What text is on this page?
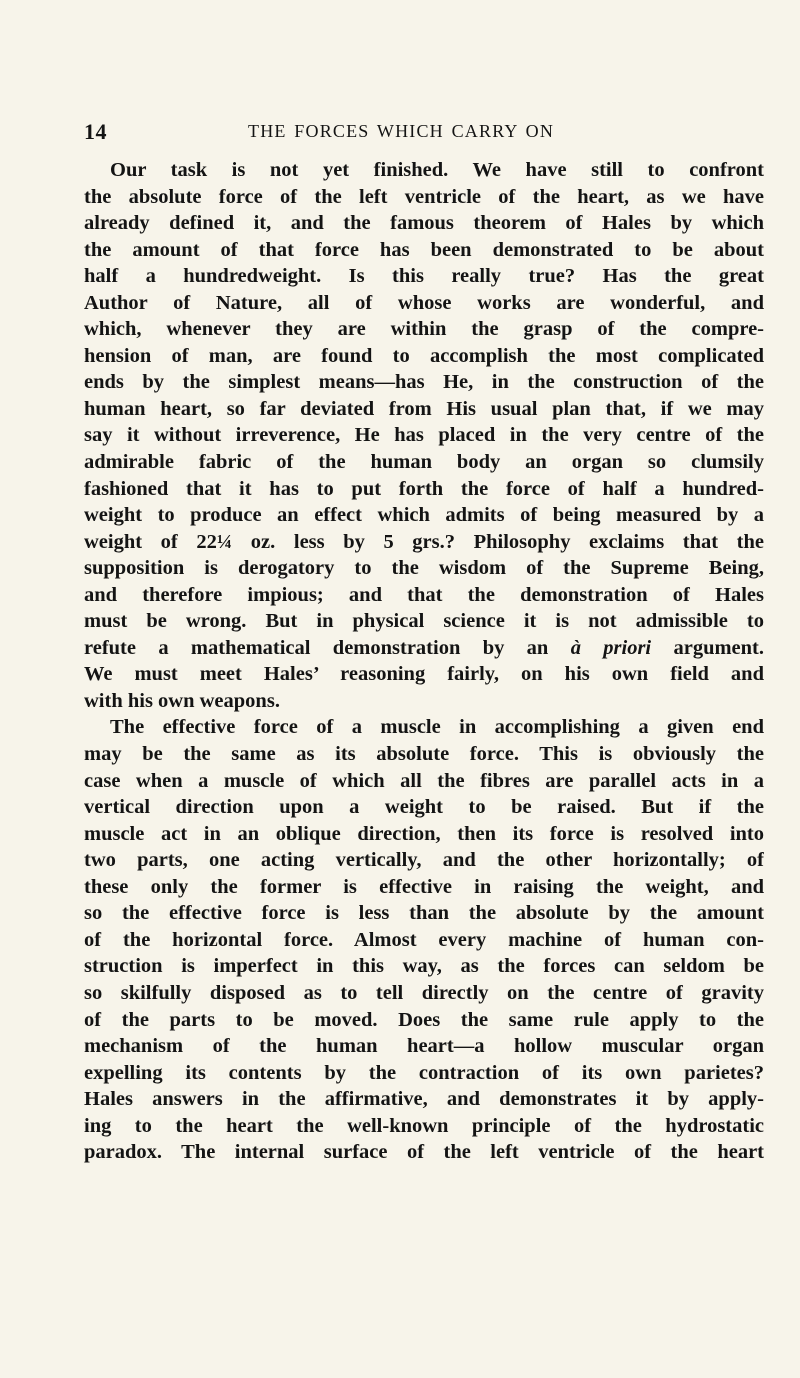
14	THE FORCES WHICH CARRY ON
Our task is not yet finished. We have still to confront
the absolute force of the left ventricle of the heart, as we have
already defined it, and the famous theorem of Hales by which
the amount of that force has been demonstrated to be about
half a hundredweight. Is this really true? Has the great
Author of Nature, all of whose works are wonderful, and
which, whenever they are within the grasp of the compre-
hension of man, are found to accomplish the most complicated
ends by the simplest means—has He, in the construction of the
human heart, so far deviated from His usual plan that, if we may
say it without irreverence, He has placed in the very centre of the
admirable fabric of the human body an organ so clumsily
fashioned that it has to put forth the force of half a hundred-
weight to produce an effect which admits of being measured by a
weight of 22¼ oz. less by 5 grs.? Philosophy exclaims that the
supposition is derogatory to the wisdom of the Supreme Being,
and therefore impious; and that the demonstration of Hales
must be wrong. But in physical science it is not admissible to
refute a mathematical demonstration by an à priori argument.
We must meet Hales’ reasoning fairly, on his own field and
with his own weapons.
The effective force of a muscle in accomplishing a given end
may be the same as its absolute force. This is obviously the
case when a muscle of which all the fibres are parallel acts in a
vertical direction upon a weight to be raised. But if the
muscle act in an oblique direction, then its force is resolved into
two parts, one acting vertically, and the other horizontally; of
these only the former is effective in raising the weight, and
so the effective force is less than the absolute by the amount
of the horizontal force. Almost every machine of human con-
struction is imperfect in this way, as the forces can seldom be
so skilfully disposed as to tell directly on the centre of gravity
of the parts to be moved. Does the same rule apply to the
mechanism of the human heart—a hollow muscular organ
expelling its contents by the contraction of its own parietes?
Hales answers in the affirmative, and demonstrates it by apply-
ing to the heart the well-known principle of the hydrostatic
paradox. The internal surface of the left ventricle of the heart
